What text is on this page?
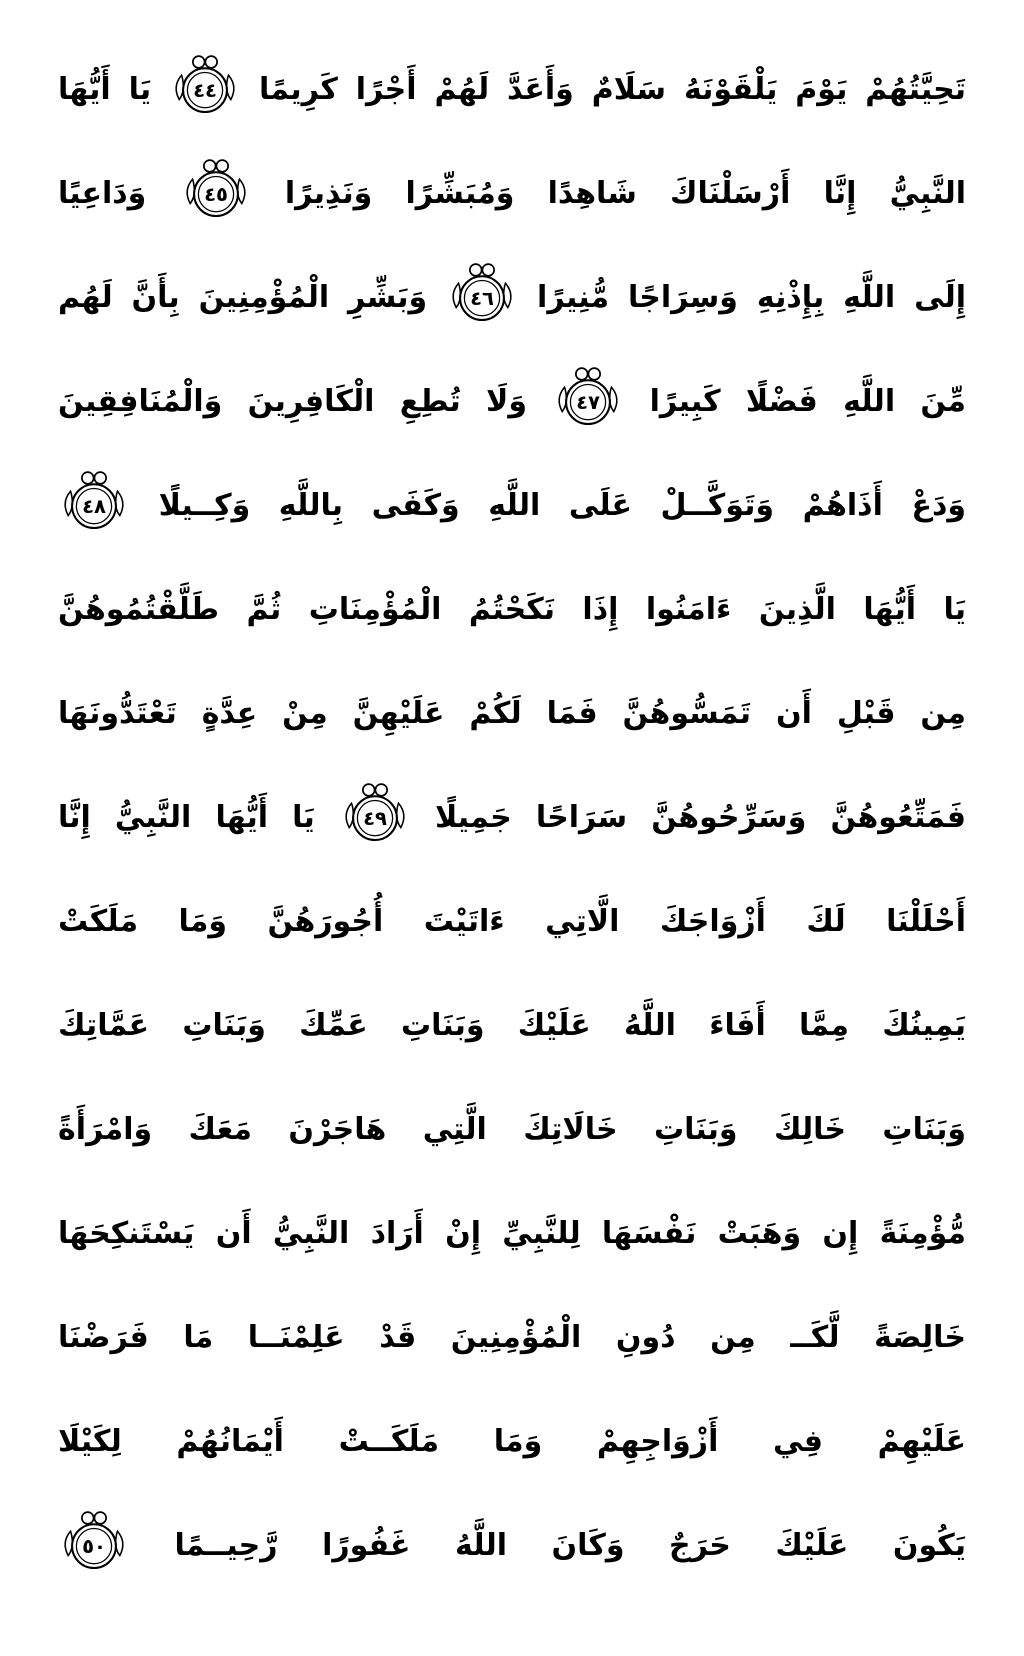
تَحِيَّتُهُمْ يَوْمَ يَلْقَوْنَهُ سَلَامٌ وَأَعَدَّ لَهُمْ أَجْرًا كَرِيمًا
٤٤
يَا أَيُّهَا
النَّبِيُّ إِنَّا أَرْسَلْنَاكَ شَاهِدًا وَمُبَشِّرًا وَنَذِيرًا
٤٥
وَدَاعِيًا
إِلَى اللَّهِ بِإِذْنِهِ وَسِرَاجًا مُّنِيرًا
٤٦
وَبَشِّرِ الْمُؤْمِنِينَ بِأَنَّ لَهُم
مِّنَ اللَّهِ فَضْلًا كَبِيرًا
٤٧
وَلَا تُطِعِ الْكَافِرِينَ وَالْمُنَافِقِينَ
وَدَعْ أَذَاهُمْ وَتَوَكَّــلْ عَلَى اللَّهِ وَكَفَى بِاللَّهِ وَكِــيلًا
٤٨
يَا أَيُّهَا الَّذِينَ ءَامَنُوا إِذَا نَكَحْتُمُ الْمُؤْمِنَاتِ ثُمَّ طَلَّقْتُمُوهُنَّ
مِن قَبْلِ أَن تَمَسُّوهُنَّ فَمَا لَكُمْ عَلَيْهِنَّ مِنْ عِدَّةٍ تَعْتَدُّونَهَا
فَمَتِّعُوهُنَّ وَسَرِّحُوهُنَّ سَرَاحًا جَمِيلًا
٤٩
يَا أَيُّهَا النَّبِيُّ إِنَّا
أَحْلَلْنَا لَكَ أَزْوَاجَكَ الَّاتِي ءَاتَيْتَ أُجُورَهُنَّ وَمَا مَلَكَتْ
يَمِينُكَ مِمَّا أَفَاءَ اللَّهُ عَلَيْكَ وَبَنَاتِ عَمِّكَ وَبَنَاتِ عَمَّاتِكَ
وَبَنَاتِ خَالِكَ وَبَنَاتِ خَالَاتِكَ الَّتِي هَاجَرْنَ مَعَكَ وَامْرَأَةً
مُّؤْمِنَةً إِن وَهَبَتْ نَفْسَهَا لِلنَّبِيِّ إِنْ أَرَادَ النَّبِيُّ أَن يَسْتَنكِحَهَا
خَالِصَةً لَّكَــ مِن دُونِ الْمُؤْمِنِينَ قَدْ عَلِمْنَــا مَا فَرَضْنَا
عَلَيْهِمْ فِي أَزْوَاجِهِمْ وَمَا مَلَكَــتْ أَيْمَانُهُمْ لِكَيْلَا
يَكُونَ عَلَيْكَ حَرَجٌ وَكَانَ اللَّهُ غَفُورًا رَّحِيــمًا
٥٠
